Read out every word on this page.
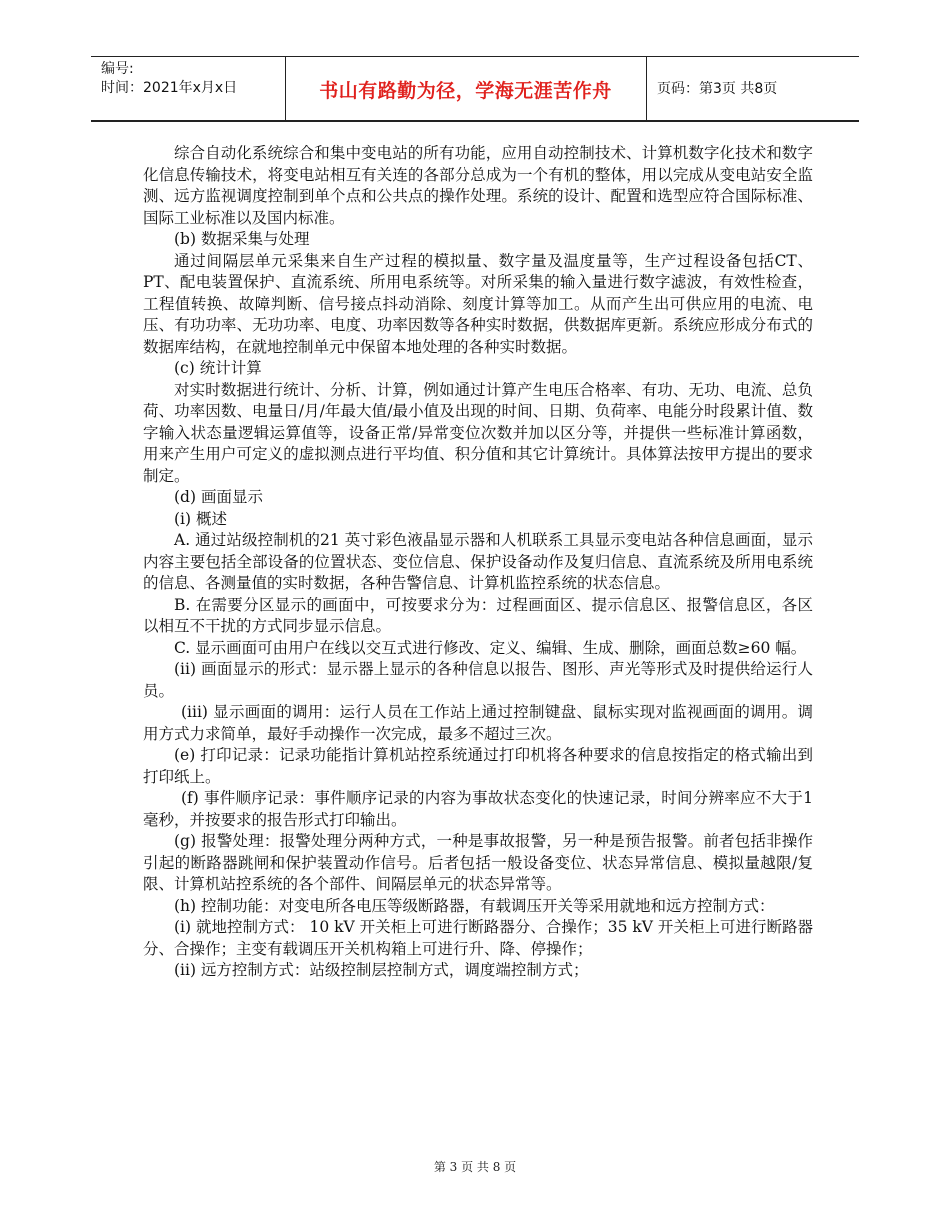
编号:
时间：2021年x月x日	书山有路勤为径，学海无涯苦作舟	页码：第3页 共8页

综合自动化系统综合和集中变电站的所有功能，应用自动控制技术、计算机数字化技术和数字化信息传输技术，将变电站相互有关连的各部分总成为一个有机的整体，用以完成从变电站安全监测、远方监视调度控制到单个点和公共点的操作处理。系统的设计、配置和选型应符合国际标准、国际工业标准以及国内标准。

(b) 数据采集与处理

通过间隔层单元采集来自生产过程的模拟量、数字量及温度量等，生产过程设备包括CT、PT、配电装置保护、直流系统、所用电系统等。对所采集的输入量进行数字滤波，有效性检查，工程值转换、故障判断、信号接点抖动消除、刻度计算等加工。从而产生出可供应用的电流、电压、有功功率、无功功率、电度、功率因数等各种实时数据，供数据库更新。系统应形成分布式的数据库结构，在就地控制单元中保留本地处理的各种实时数据。

(c) 统计计算

对实时数据进行统计、分析、计算，例如通过计算产生电压合格率、有功、无功、电流、总负荷、功率因数、电量日/月/年最大值/最小值及出现的时间、日期、负荷率、电能分时段累计值、数字输入状态量逻辑运算值等，设备正常/异常变位次数并加以区分等，并提供一些标准计算函数，用来产生用户可定义的虚拟测点进行平均值、积分值和其它计算统计。具体算法按甲方提出的要求制定。

(d) 画面显示

(i) 概述

A. 通过站级控制机的21 英寸彩色液晶显示器和人机联系工具显示变电站各种信息画面，显示内容主要包括全部设备的位置状态、变位信息、保护设备动作及复归信息、直流系统及所用电系统的信息、各测量值的实时数据，各种告警信息、计算机监控系统的状态信息。

B. 在需要分区显示的画面中，可按要求分为：过程画面区、提示信息区、报警信息区，各区以相互不干扰的方式同步显示信息。

C. 显示画面可由用户在线以交互式进行修改、定义、编辑、生成、删除，画面总数≥60 幅。

(ii) 画面显示的形式：显示器上显示的各种信息以报告、图形、声光等形式及时提供给运行人员。

(iii) 显示画面的调用：运行人员在工作站上通过控制键盘、鼠标实现对监视画面的调用。调用方式力求简单，最好手动操作一次完成，最多不超过三次。

(e) 打印记录：记录功能指计算机站控系统通过打印机将各种要求的信息按指定的格式输出到打印纸上。

(f) 事件顺序记录：事件顺序记录的内容为事故状态变化的快速记录，时间分辨率应不大于1 毫秒，并按要求的报告形式打印输出。

(g) 报警处理：报警处理分两种方式，一种是事故报警，另一种是预告报警。前者包括非操作引起的断路器跳闸和保护装置动作信号。后者包括一般设备变位、状态异常信息、模拟量越限/复限、计算机站控系统的各个部件、间隔层单元的状态异常等。

(h) 控制功能：对变电所各电压等级断路器，有载调压开关等采用就地和远方控制方式：

(i) 就地控制方式： 10 kV 开关柜上可进行断路器分、合操作；35 kV 开关柜上可进行断路器分、合操作；主变有载调压开关机构箱上可进行升、降、停操作；

(ii) 远方控制方式：站级控制层控制方式，调度端控制方式；

第 3 页 共 8 页
